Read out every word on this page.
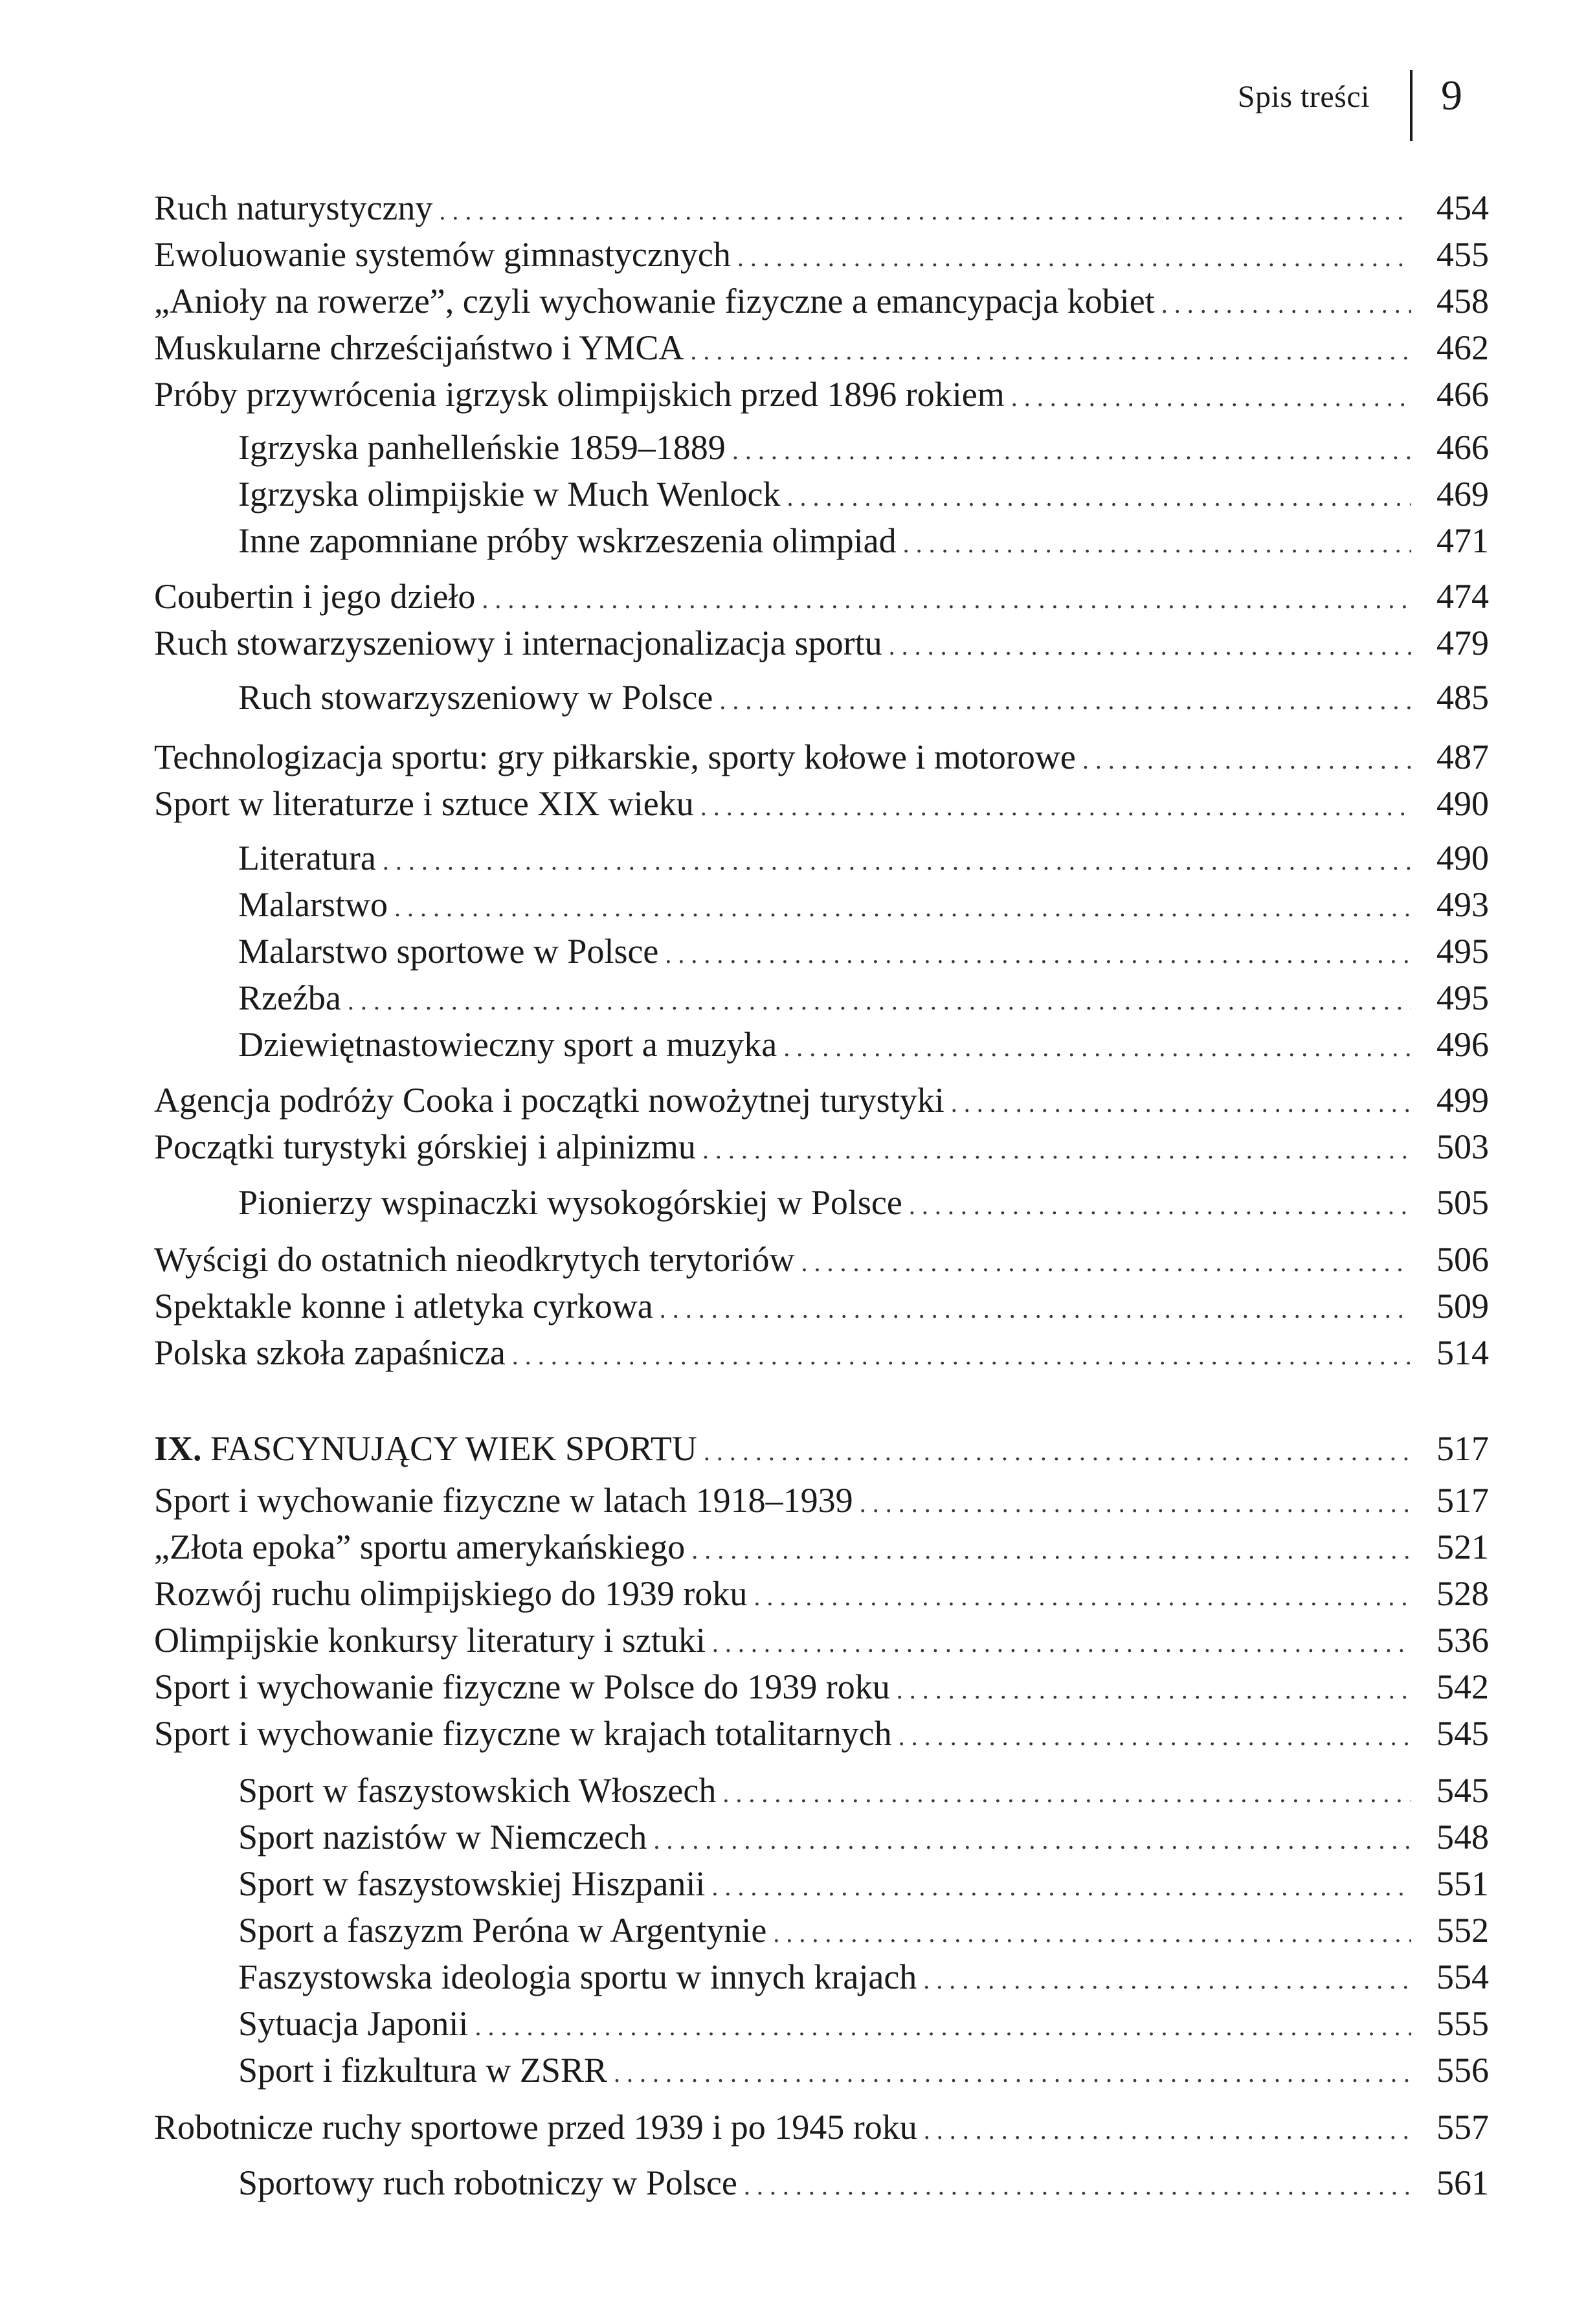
Spis treści 9
Ruch naturystyczny . . .	454
Ewoluowanie systemów gimnastycznych . . .	455
„Anioły na rowerze”, czyli wychowanie fizyczne a emancypacja kobiet . . .	458
Muskularne chrześcijaństwo i YMCA . . .	462
Próby przywrócenia igrzysk olimpijskich przed 1896 rokiem . . .	466
Igrzyska panhelleńskie 1859–1889 . . .	466
Igrzyska olimpijskie w Much Wenlock . . .	469
Inne zapomniane próby wskrzeszenia olimpiad . . .	471
Coubertin i jego dzieło . . .	474
Ruch stowarzyszeniowy i internacjonalizacja sportu . . .	479
Ruch stowarzyszeniowy w Polsce . . .	485
Technologizacja sportu: gry piłkarskie, sporty kołowe i motorowe . . .	487
Sport w literaturze i sztuce XIX wieku . . .	490
Literatura . . .	490
Malarstwo . . .	493
Malarstwo sportowe w Polsce . . .	495
Rzeźba . . .	495
Dziewiętnastowieczny sport a muzyka . . .	496
Agencja podróży Cooka i początki nowożytnej turystyki . . .	499
Początki turystyki górskiej i alpinizmu . . .	503
Pionierzy wspinaczki wysokogórskiej w Polsce . . .	505
Wyścigi do ostatnich nieodkrytych terytoriów . . .	506
Spektakle konne i atletyka cyrkowa . . .	509
Polska szkoła zapaśnicza . . .	514
IX. FASCYNUJĄCY WIEK SPORTU . . .	517
Sport i wychowanie fizyczne w latach 1918–1939 . . .	517
„Złota epoka” sportu amerykańskiego . . .	521
Rozwój ruchu olimpijskiego do 1939 roku . . .	528
Olimpijskie konkursy literatury i sztuki . . .	536
Sport i wychowanie fizyczne w Polsce do 1939 roku . . .	542
Sport i wychowanie fizyczne w krajach totalitarnych . . .	545
Sport w faszystowskich Włoszech . . .	545
Sport nazistów w Niemczech . . .	548
Sport w faszystowskiej Hiszpanii . . .	551
Sport a faszyzm Peróna w Argentynie . . .	552
Faszystowska ideologia sportu w innych krajach . . .	554
Sytuacja Japonii . . .	555
Sport i fizkultura w ZSRR . . .	556
Robotnicze ruchy sportowe przed 1939 i po 1945 roku . . .	557
Sportowy ruch robotniczy w Polsce . . .	561
